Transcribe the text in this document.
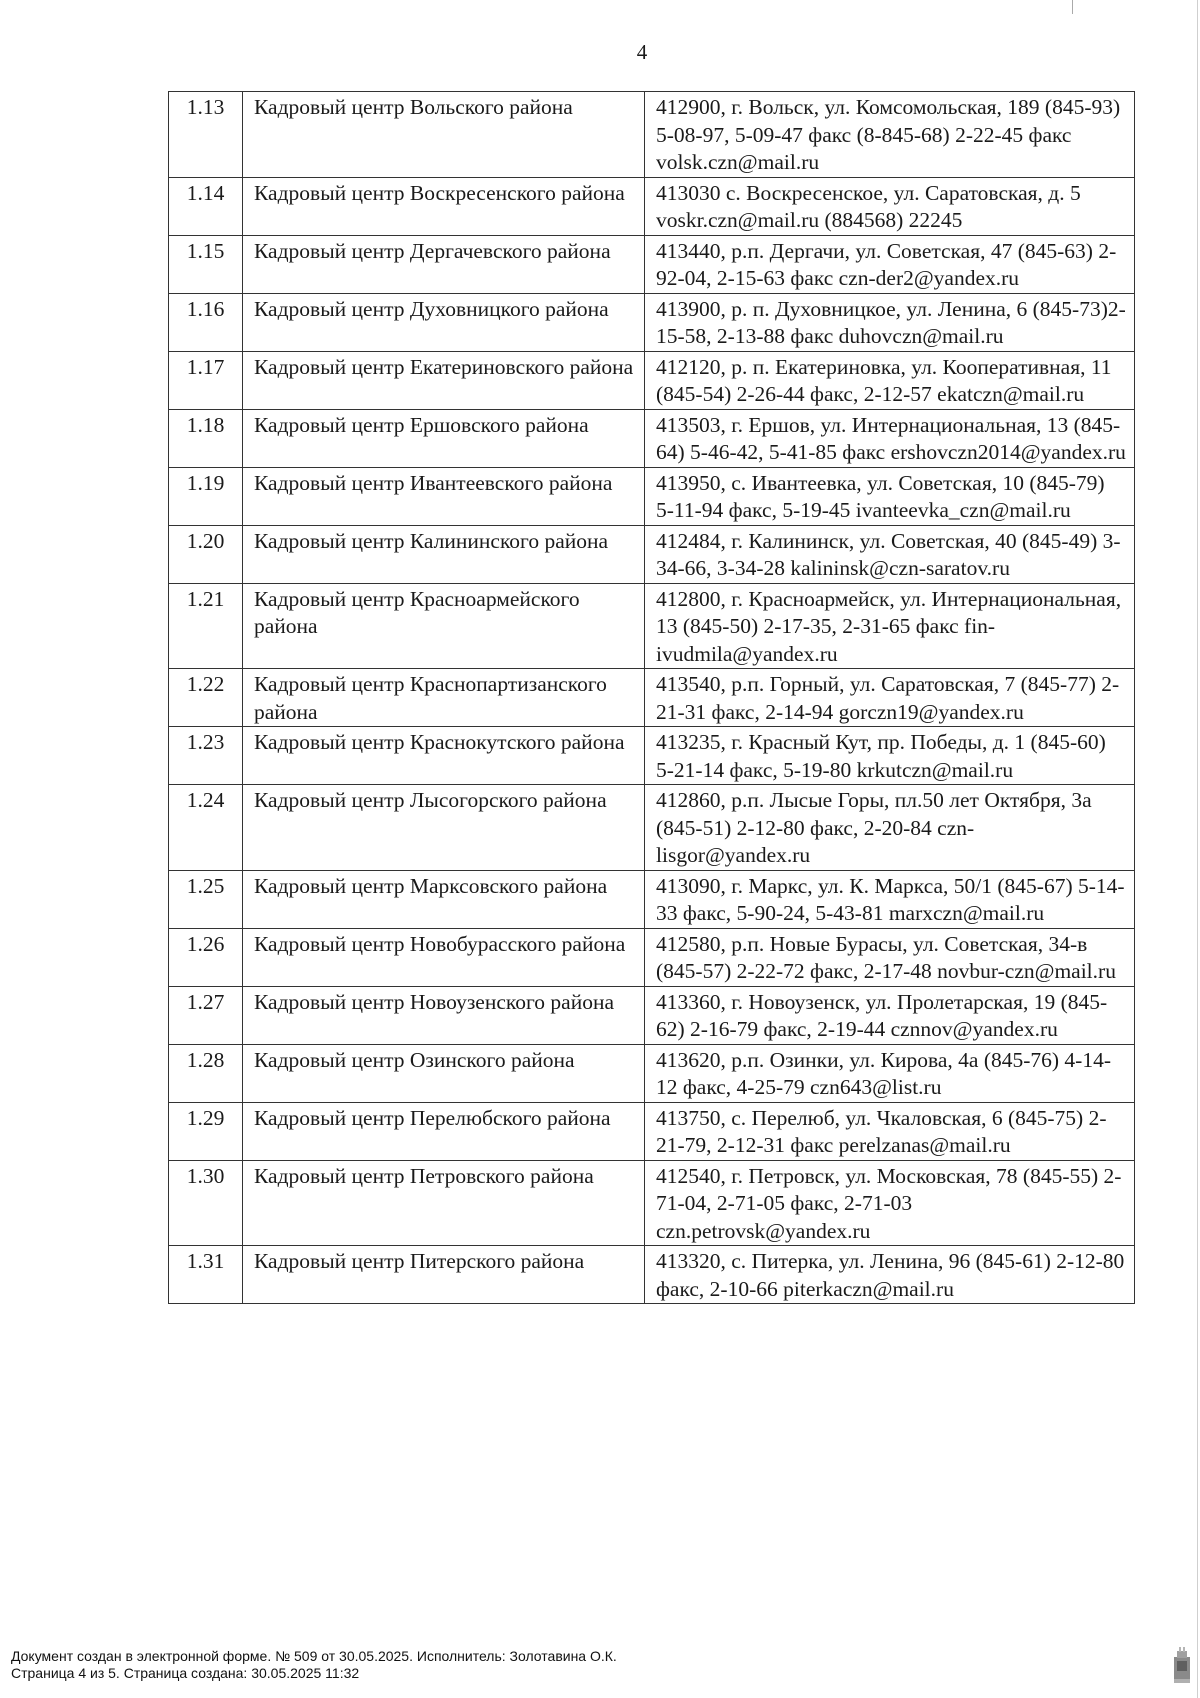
4
1.13	Кадровый центр Вольского района	412900, г. Вольск, ул. Комсомольская, 189 (845-93) 5-08-97, 5-09-47 факс (8-845-68) 2-22-45 факс volsk.czn@mail.ru
1.14	Кадровый центр Воскресенского района	413030 с. Воскресенское, ул. Саратовская, д. 5 voskr.czn@mail.ru (884568) 22245
1.15	Кадровый центр Дергачевского района	413440, р.п. Дергачи, ул. Советская, 47 (845-63) 2-92-04, 2-15-63 факс czn-der2@yandex.ru
1.16	Кадровый центр Духовницкого района	413900, р. п. Духовницкое, ул. Ленина, 6 (845-73)2-15-58, 2-13-88 факс duhovczn@mail.ru
1.17	Кадровый центр Екатериновского района	412120, р. п. Екатериновка, ул. Кооперативная, 11 (845-54) 2-26-44 факс, 2-12-57 ekatczn@mail.ru
1.18	Кадровый центр Ершовского района	413503, г. Ершов, ул. Интернациональная, 13 (845-64) 5-46-42, 5-41-85 факс ershovczn2014@yandex.ru
1.19	Кадровый центр Ивантеевского района	413950, с. Ивантеевка, ул. Советская, 10 (845-79) 5-11-94 факс, 5-19-45 ivanteevka_czn@mail.ru
1.20	Кадровый центр Калининского района	412484, г. Калининск, ул. Советская, 40 (845-49) 3-34-66, 3-34-28 kalininsk@czn-saratov.ru
1.21	Кадровый центр Красноармейского района	412800, г. Красноармейск, ул. Интернациональная, 13 (845-50) 2-17-35, 2-31-65 факс fin-ivudmila@yandex.ru
1.22	Кадровый центр Краснопартизанского района	413540, р.п. Горный, ул. Саратовская, 7 (845-77) 2-21-31 факс, 2-14-94 gorczn19@yandex.ru
1.23	Кадровый центр Краснокутского района	413235, г. Красный Кут, пр. Победы, д. 1 (845-60) 5-21-14 факс, 5-19-80 krkutczn@mail.ru
1.24	Кадровый центр Лысогорского района	412860, р.п. Лысые Горы, пл.50 лет Октября, 3а (845-51) 2-12-80 факс, 2-20-84 czn-lisgor@yandex.ru
1.25	Кадровый центр Марксовского района	413090, г. Маркс, ул. К. Маркса, 50/1 (845-67) 5-14-33 факс, 5-90-24, 5-43-81 marxczn@mail.ru
1.26	Кадровый центр Новобурасского района	412580, р.п. Новые Бурасы, ул. Советская, 34-в (845-57) 2-22-72 факс, 2-17-48 novbur-czn@mail.ru
1.27	Кадровый центр Новоузенского района	413360, г. Новоузенск, ул. Пролетарская, 19 (845-62) 2-16-79 факс, 2-19-44 cznnov@yandex.ru
1.28	Кадровый центр Озинского района	413620, р.п. Озинки, ул. Кирова, 4а (845-76) 4-14-12 факс, 4-25-79 czn643@list.ru
1.29	Кадровый центр Перелюбского района	413750, с. Перелюб, ул. Чкаловская, 6 (845-75) 2-21-79, 2-12-31 факс perelzanas@mail.ru
1.30	Кадровый центр Петровского района	412540, г. Петровск, ул. Московская, 78 (845-55) 2-71-04, 2-71-05 факс, 2-71-03 czn.petrovsk@yandex.ru
1.31	Кадровый центр Питерского района	413320, с. Питерка, ул. Ленина, 96 (845-61) 2-12-80 факс, 2-10-66 piterkaczn@mail.ru
Документ создан в электронной форме. № 509 от 30.05.2025. Исполнитель: Золотавина О.К.
Страница 4 из 5. Страница создана: 30.05.2025 11:32
